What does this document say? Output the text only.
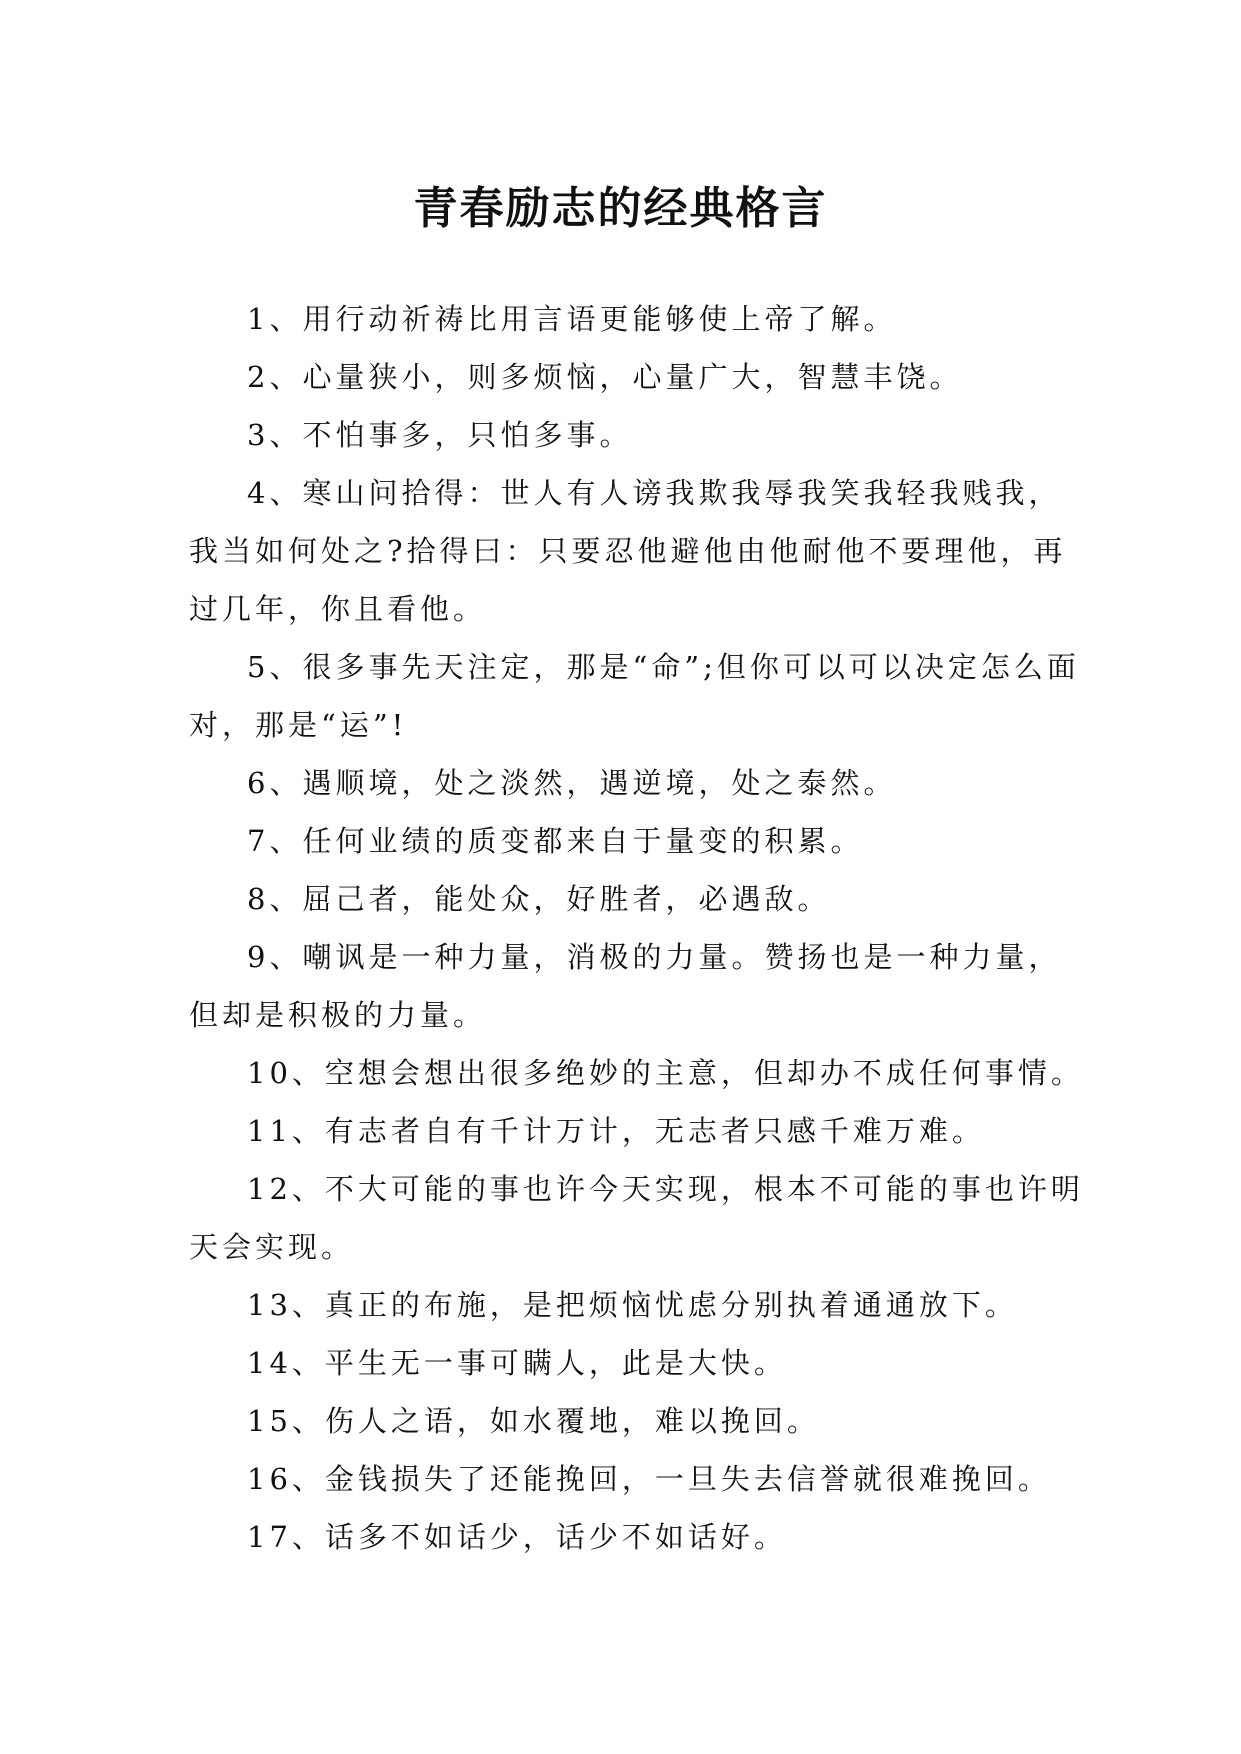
青春励志的经典格言

1、用行动祈祷比用言语更能够使上帝了解。

2、心量狭小，则多烦恼，心量广大，智慧丰饶。

3、不怕事多，只怕多事。

4、寒山问拾得：世人有人谤我欺我辱我笑我轻我贱我，我当如何处之?拾得曰：只要忍他避他由他耐他不要理他，再过几年，你且看他。

5、很多事先天注定，那是“命”;但你可以可以决定怎么面对，那是“运”!

6、遇顺境，处之淡然，遇逆境，处之泰然。

7、任何业绩的质变都来自于量变的积累。

8、屈己者，能处众，好胜者，必遇敌。

9、嘲讽是一种力量，消极的力量。赞扬也是一种力量，但却是积极的力量。

10、空想会想出很多绝妙的主意，但却办不成任何事情。

11、有志者自有千计万计，无志者只感千难万难。

12、不大可能的事也许今天实现，根本不可能的事也许明天会实现。

13、真正的布施，是把烦恼忧虑分别执着通通放下。

14、平生无一事可瞒人，此是大快。

15、伤人之语，如水覆地，难以挽回。

16、金钱损失了还能挽回，一旦失去信誉就很难挽回。

17、话多不如话少，话少不如话好。
